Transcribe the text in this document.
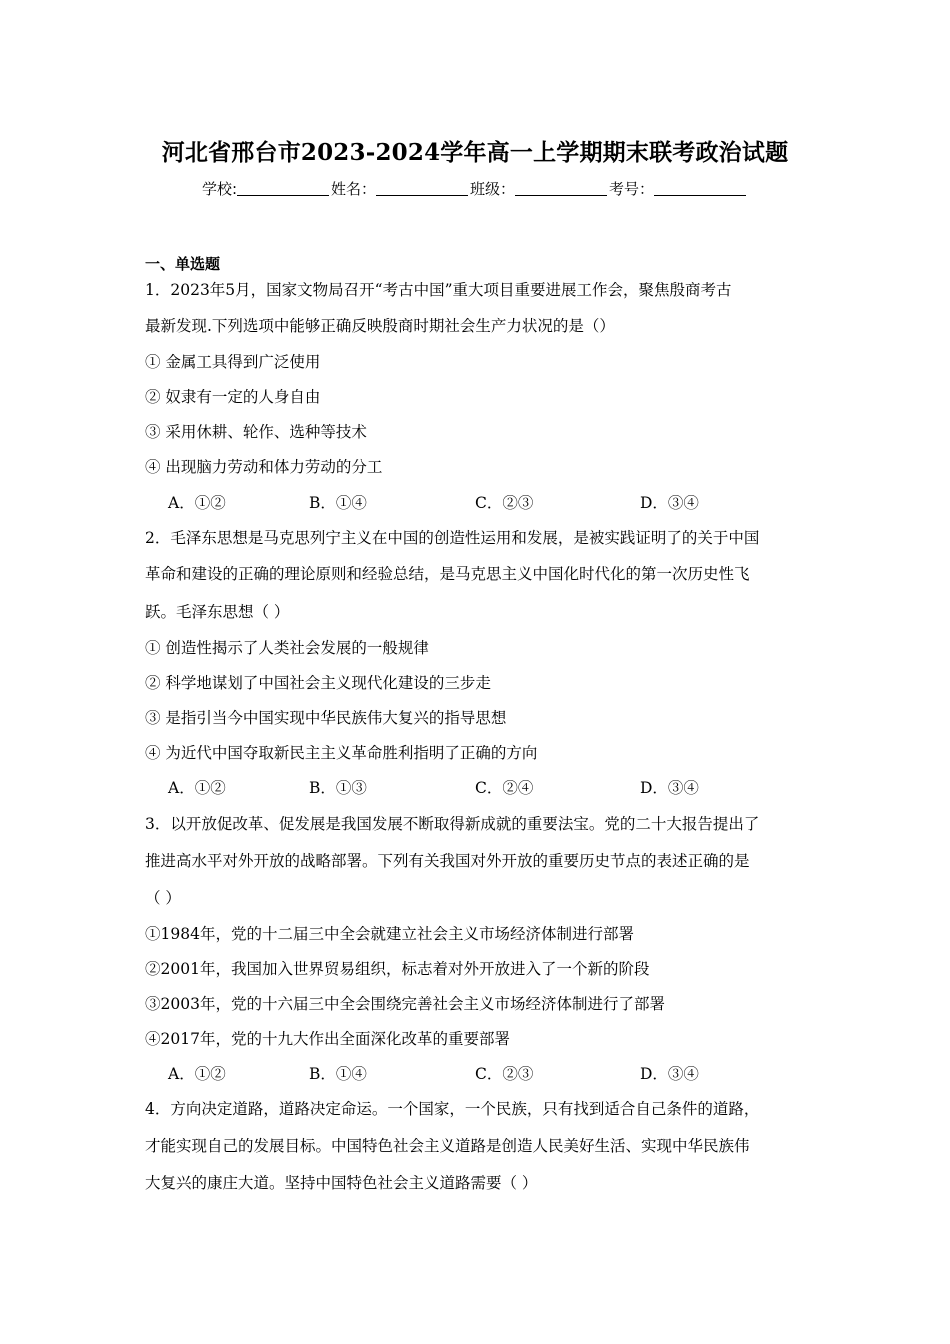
河北省邢台市2023-2024学年高一上学期期末联考政治试题
学校:	姓名：	班级：	考号：
一、单选题
1．2023年5月，国家文物局召开“考古中国”重大项目重要进展工作会，聚焦殷商考古
最新发现.下列选项中能够正确反映殷商时期社会生产力状况的是（）
① 金属工具得到广泛使用
② 奴隶有一定的人身自由
③ 采用休耕、轮作、选种等技术
④ 出现脑力劳动和体力劳动的分工
A．①②	B．①④	C．②③	D．③④
2．毛泽东思想是马克思列宁主义在中国的创造性运用和发展，是被实践证明了的关于中国
革命和建设的正确的理论原则和经验总结，是马克思主义中国化时代化的第一次历史性飞
跃。毛泽东思想（ ）
① 创造性揭示了人类社会发展的一般规律
② 科学地谋划了中国社会主义现代化建设的三步走
③ 是指引当今中国实现中华民族伟大复兴的指导思想
④ 为近代中国夺取新民主主义革命胜利指明了正确的方向
A．①②	B．①③	C．②④	D．③④
3．以开放促改革、促发展是我国发展不断取得新成就的重要法宝。党的二十大报告提出了
推进高水平对外开放的战略部署。下列有关我国对外开放的重要历史节点的表述正确的是
（ ）
①1984年，党的十二届三中全会就建立社会主义市场经济体制进行部署
②2001年，我国加入世界贸易组织，标志着对外开放进入了一个新的阶段
③2003年，党的十六届三中全会围绕完善社会主义市场经济体制进行了部署
④2017年，党的十九大作出全面深化改革的重要部署
A．①②	B．①④	C．②③	D．③④
4．方向决定道路，道路决定命运。一个国家，一个民族，只有找到适合自己条件的道路，
才能实现自己的发展目标。中国特色社会主义道路是创造人民美好生活、实现中华民族伟
大复兴的康庄大道。坚持中国特色社会主义道路需要（ ）
